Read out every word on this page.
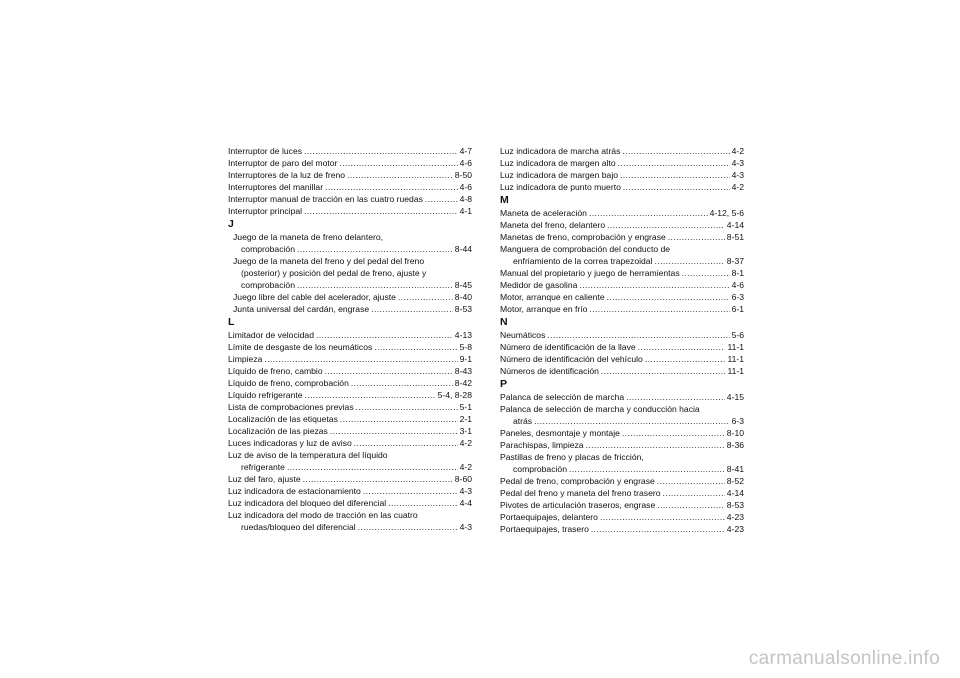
Interruptor de luces .....	4-7
Interruptor de paro del motor .....	4-6
Interruptores de la luz de freno .....	8-50
Interruptores del manillar .....	4-6
Interruptor manual de tracción en las cuatro ruedas .....	4-8
Interruptor principal .....	4-1
J
Juego de la maneta de freno delantero,
comprobación .....	8-44
Juego de la maneta del freno y del pedal del freno
(posterior) y posición del pedal de freno, ajuste y
comprobación .....	8-45
Juego libre del cable del acelerador, ajuste .....	8-40
Junta universal del cardán, engrase .....	8-53
L
Limitador de velocidad .....	4-13
Límite de desgaste de los neumáticos .....	5-8
Limpieza .....	9-1
Líquido de freno, cambio .....	8-43
Líquido de freno, comprobación .....	8-42
Líquido refrigerante .....	5-4, 8-28
Lista de comprobaciones previas .....	5-1
Localización de las etiquetas .....	2-1
Localización de las piezas .....	3-1
Luces indicadoras y luz de aviso .....	4-2
Luz de aviso de la temperatura del líquido
refrigerante .....	4-2
Luz del faro, ajuste .....	8-60
Luz indicadora de estacionamiento .....	4-3
Luz indicadora del bloqueo del diferencial .....	4-4
Luz indicadora del modo de tracción en las cuatro
ruedas/bloqueo del diferencial .....	4-3
Luz indicadora de marcha atrás .....	4-2
Luz indicadora de margen alto .....	4-3
Luz indicadora de margen bajo .....	4-3
Luz indicadora de punto muerto .....	4-2
M
Maneta de aceleración .....	4-12, 5-6
Maneta del freno, delantero .....	4-14
Manetas de freno, comprobación y engrase .....	8-51
Manguera de comprobación del conducto de
enfriamiento de la correa trapezoidal .....	8-37
Manual del propietario y juego de herramientas .....	8-1
Medidor de gasolina .....	4-6
Motor, arranque en caliente .....	6-3
Motor, arranque en frío .....	6-1
N
Neumáticos .....	5-6
Número de identificación de la llave .....	11-1
Número de identificación del vehículo .....	11-1
Números de identificación .....	11-1
P
Palanca de selección de marcha .....	4-15
Palanca de selección de marcha y conducción hacia
atrás .....	6-3
Paneles, desmontaje y montaje .....	8-10
Parachispas, limpieza .....	8-36
Pastillas de freno y placas de fricción,
comprobación .....	8-41
Pedal de freno, comprobación y engrase .....	8-52
Pedal del freno y maneta del freno trasero .....	4-14
Pivotes de articulación traseros, engrase .....	8-53
Portaequipajes, delantero .....	4-23
Portaequipajes, trasero .....	4-23
carmanualsonline.info
